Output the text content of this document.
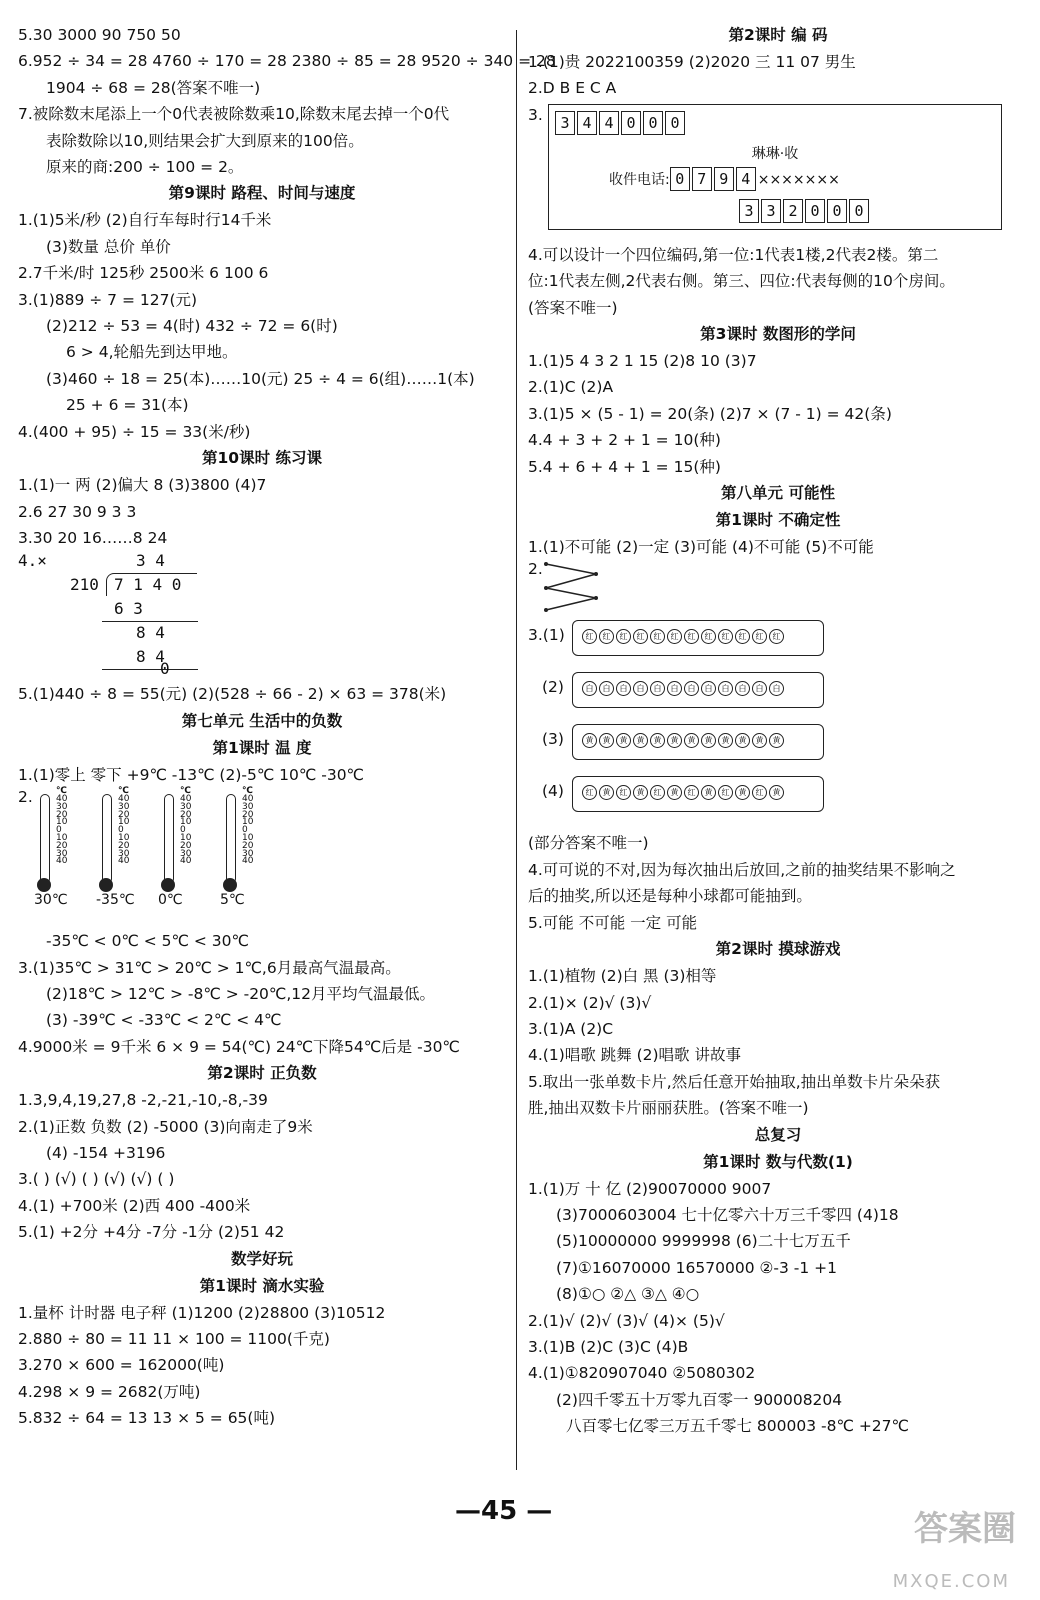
5.30 3000 90 750 50
6.952 ÷ 34 = 28 4760 ÷ 170 = 28 2380 ÷ 85 = 28 9520 ÷ 340 = 28
1904 ÷ 68 = 28(答案不唯一)
7.被除数末尾添上一个0代表被除数乘10,除数末尾去掉一个0代
表除数除以10,则结果会扩大到原来的100倍。
原来的商:200 ÷ 100 = 2。
第9课时 路程、时间与速度
1.(1)5米/秒 (2)自行车每时行14千米
(3)数量 总价 单价
2.7千米/时 125秒 2500米 6 100 6
3.(1)889 ÷ 7 = 127(元)
(2)212 ÷ 53 = 4(时) 432 ÷ 72 = 6(时)
6 > 4,轮船先到达甲地。
(3)460 ÷ 18 = 25(本)……10(元) 25 ÷ 4 = 6(组)……1(本)
25 + 6 = 31(本)
4.(400 + 95) ÷ 15 = 33(米/秒)
第10课时 练习课
1.(1)一 两 (2)偏大 8 (3)3800 (4)7
2.6 27 30 9 3 3
3.30 20 16……8 24
4.×	3 4
210 7 1 4 0
6 3
8 4
8 4
0
5.(1)440 ÷ 8 = 55(元) (2)(528 ÷ 66 - 2) × 63 = 378(米)
第七单元 生活中的负数
第1课时 温 度
1.(1)零上 零下 +9℃ -13℃ (2)-5℃ 10℃ -30℃
2.	℃
40
30
20
10
0
10
20
30
40
30℃
℃
40
30
20
10
0
10
20
30
40
-35℃
℃
40
30
20
10
0
10
20
30
40
0℃
℃
40
30
20
10
0
10
20
30
40
5℃
-35℃ < 0℃ < 5℃ < 30℃
3.(1)35℃ > 31℃ > 20℃ > 1℃,6月最高气温最高。
(2)18℃ > 12℃ > -8℃ > -20℃,12月平均气温最低。
(3) -39℃ < -33℃ < 2℃ < 4℃
4.9000米 = 9千米 6 × 9 = 54(℃) 24℃下降54℃后是 -30℃
第2课时 正负数
1.3,9,4,19,27,8 -2,-21,-10,-8,-39
2.(1)正数 负数 (2) -5000 (3)向南走了9米
(4) -154 +3196
3.( ) (√) ( ) (√) (√) ( )
4.(1) +700米 (2)西 400 -400米
5.(1) +2分 +4分 -7分 -1分 (2)51 42
数学好玩
第1课时 滴水实验
1.量杯 计时器 电子秤 (1)1200 (2)28800 (3)10512
2.880 ÷ 80 = 11 11 × 100 = 1100(千克)
3.270 × 600 = 162000(吨)
4.298 × 9 = 2682(万吨)
5.832 ÷ 64 = 13 13 × 5 = 65(吨)
第2课时 编 码
1.(1)贵 2022100359 (2)2020 三 11 07 男生
2.D B E C A
3.	3 4 4 0 0 0
琳琳·收
收件电话: 0 7 9 4 ×××××××
3 3 2 0 0 0
4.可以设计一个四位编码,第一位:1代表1楼,2代表2楼。第二
位:1代表左侧,2代表右侧。第三、四位:代表每侧的10个房间。
(答案不唯一)
第3课时 数图形的学问
1.(1)5 4 3 2 1 15 (2)8 10 (3)7
2.(1)C (2)A
3.(1)5 × (5 - 1) = 20(条) (2)7 × (7 - 1) = 42(条)
4.4 + 3 + 2 + 1 = 10(种)
5.4 + 6 + 4 + 1 = 15(种)
第八单元 可能性
第1课时 不确定性
1.(1)不可能 (2)一定 (3)可能 (4)不可能 (5)不可能
2.
3.(1)	红 红 红 红 红 红 红 红 红 红 红 红
(2)	白 白 白 白 白 白 白 白 白 白 白 白
(3)	黄 黄 黄 黄 黄 黄 黄 黄 黄 黄 黄 黄
(4)	红 黄 红 黄 红 黄 红 黄 红 黄 红 黄
(部分答案不唯一)
4.可可说的不对,因为每次抽出后放回,之前的抽奖结果不影响之
后的抽奖,所以还是每种小球都可能抽到。
5.可能 不可能 一定 可能
第2课时 摸球游戏
1.(1)植物 (2)白 黑 (3)相等
2.(1)× (2)√ (3)√
3.(1)A (2)C
4.(1)唱歌 跳舞 (2)唱歌 讲故事
5.取出一张单数卡片,然后任意开始抽取,抽出单数卡片朵朵获
胜,抽出双数卡片丽丽获胜。(答案不唯一)
总复习
第1课时 数与代数(1)
1.(1)万 十 亿 (2)90070000 9007
(3)7000603004 七十亿零六十万三千零四 (4)18
(5)10000000 9999998 (6)二十七万五千
(7)①16070000 16570000 ②-3 -1 +1
(8)①○ ②△ ③△ ④○
2.(1)√ (2)√ (3)√ (4)× (5)√
3.(1)B (2)C (3)C (4)B
4.(1)①820907040 ②5080302
(2)四千零五十万零九百零一 900008204
八百零七亿零三万五千零七 800003 -8℃ +27℃
—45 —	答案圈
MXQE.COM
